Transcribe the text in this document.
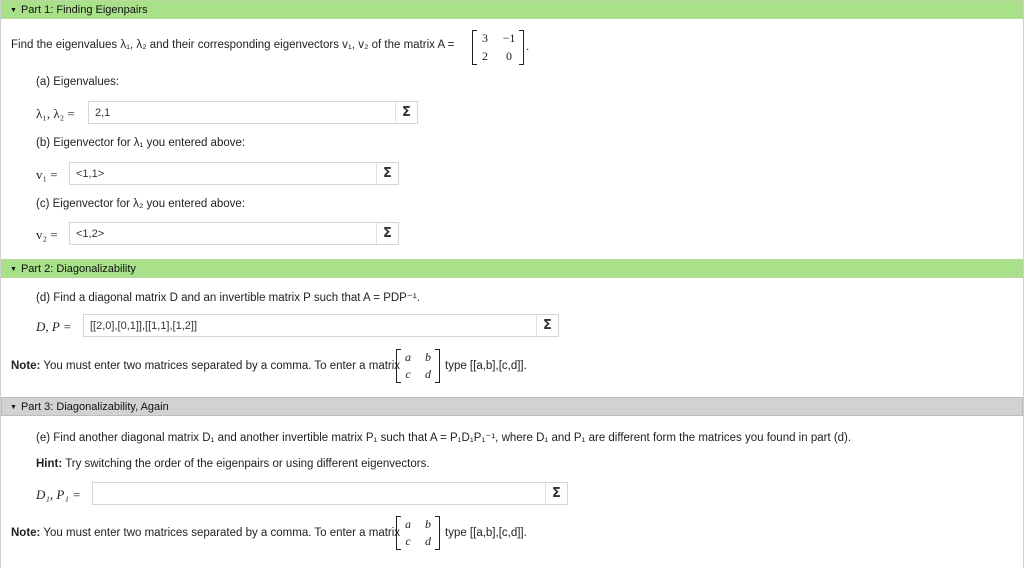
▼ Part 1: Finding Eigenpairs
Find the eigenvalues λ₁, λ₂ and their corresponding eigenvectors v₁, v₂ of the matrix A =	3	−1
2	0
.
(a) Eigenvalues:
λ₁, λ₂ =
2,1	Σ
(b) Eigenvector for λ₁ you entered above:
v₁ =
<1,1>	Σ
(c) Eigenvector for λ₂ you entered above:
v₂ =
<1,2>	Σ
▼ Part 2: Diagonalizability
(d) Find a diagonal matrix D and an invertible matrix P such that A = PDP⁻¹.
D, P =
[[2,0],[0,1]],[[1,1],[1,2]]	Σ
Note: You must enter two matrices separated by a comma. To enter a matrix
a	b
c	d
type [[a,b],[c,d]].
▼ Part 3: Diagonalizability, Again
(e) Find another diagonal matrix D₁ and another invertible matrix P₁ such that A = P₁D₁P₁⁻¹, where D₁ and P₁ are different form the matrices you found in part (d).
Hint: Try switching the order of the eigenpairs or using different eigenvectors.
D₁, P₁ =	Σ
Note: You must enter two matrices separated by a comma. To enter a matrix
a	b
c	d
type [[a,b],[c,d]].
